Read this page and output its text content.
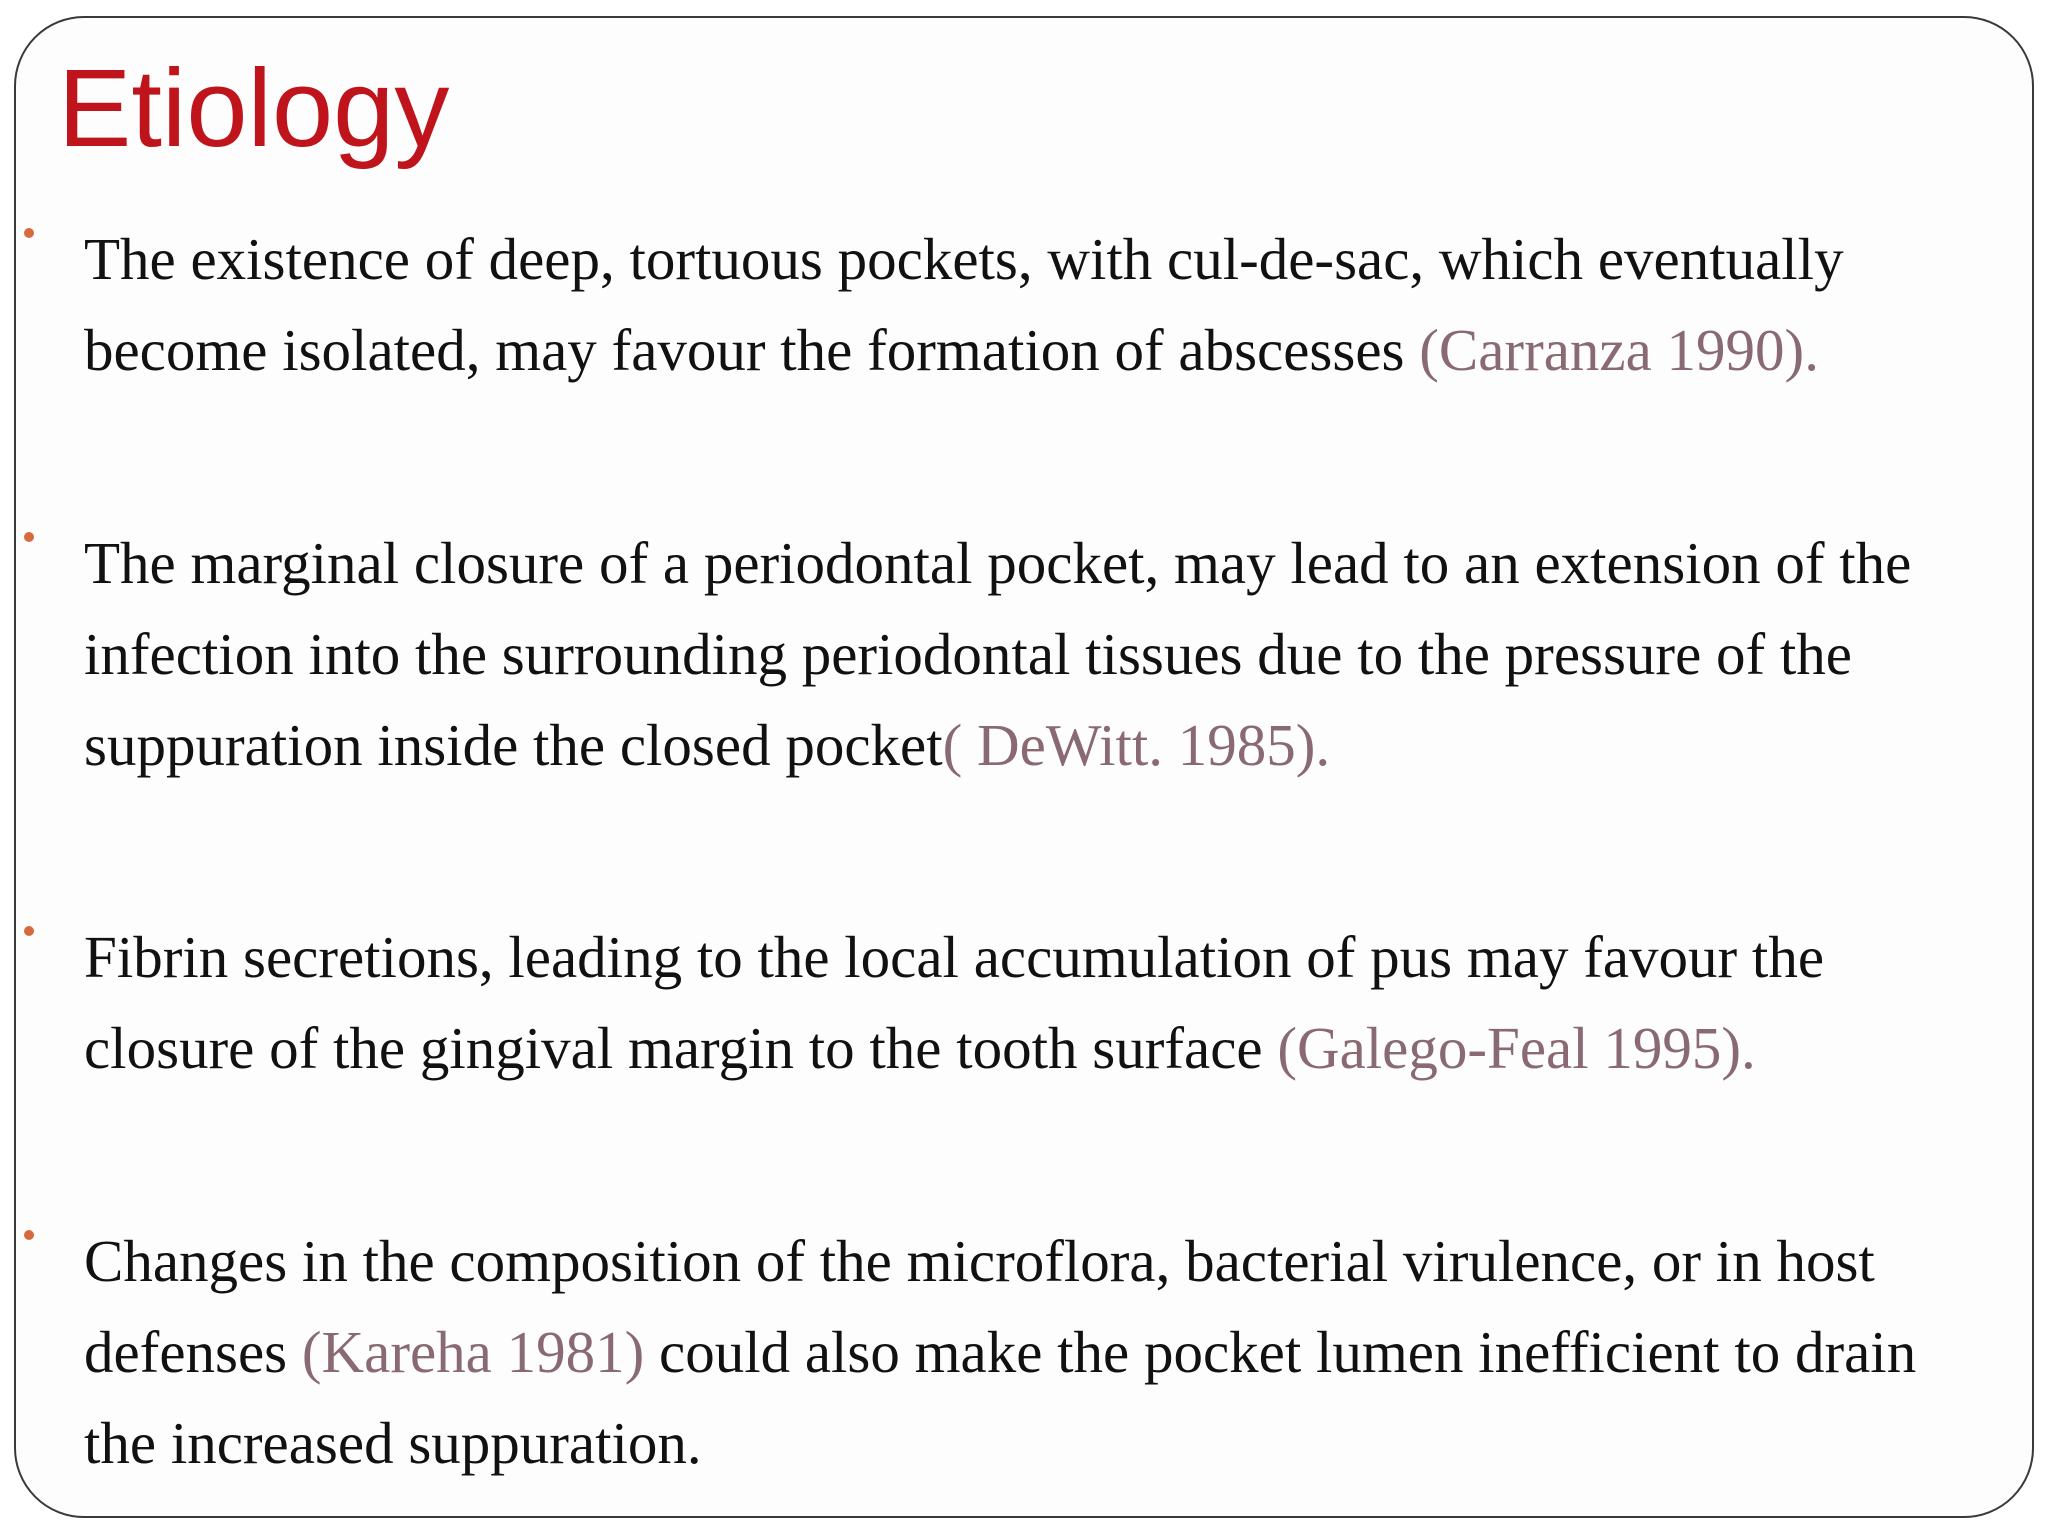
Etiology

The existence of deep, tortuous pockets, with cul-de-sac, which eventually
become isolated, may favour the formation of abscesses (Carranza 1990).

The marginal closure of a periodontal pocket, may lead to an extension of the
infection into the surrounding periodontal tissues due to the pressure of the
suppuration inside the closed pocket( DeWitt. 1985).

Fibrin secretions, leading to the local accumulation of pus may favour the
closure of the gingival margin to the tooth surface (Galego-Feal 1995).

Changes in the composition of the microflora, bacterial virulence, or in host
defenses (Kareha 1981) could also make the pocket lumen inefficient to drain
the increased suppuration.
